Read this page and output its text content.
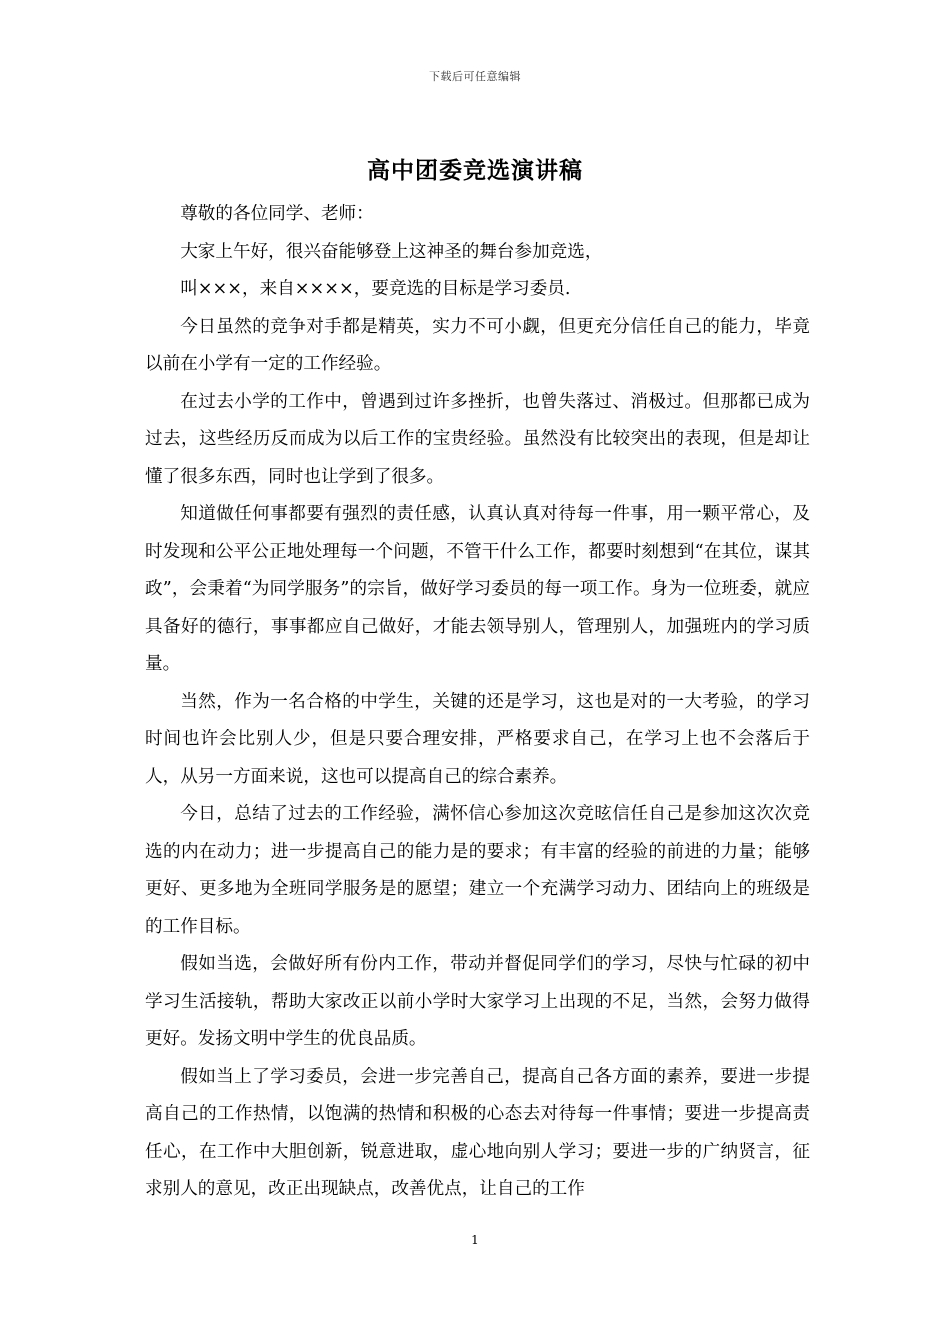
下载后可任意编辑
高中团委竞选演讲稿

尊敬的各位同学、老师：

大家上午好，很兴奋能够登上这神圣的舞台参加竞选，

叫×××，来自××××，要竞选的目标是学习委员.

今日虽然的竞争对手都是精英，实力不可小觑，但更充分信任自己的能力，毕竟以前在小学有一定的工作经验。

在过去小学的工作中，曾遇到过许多挫折，也曾失落过、消极过。但那都已成为过去，这些经历反而成为以后工作的宝贵经验。虽然没有比较突出的表现，但是却让懂了很多东西，同时也让学到了很多。

知道做任何事都要有强烈的责任感，认真认真对待每一件事，用一颗平常心，及时发现和公平公正地处理每一个问题，不管干什么工作，都要时刻想到“在其位，谋其政”，会秉着“为同学服务”的宗旨，做好学习委员的每一项工作。身为一位班委，就应具备好的德行，事事都应自己做好，才能去领导别人，管理别人，加强班内的学习质量。

当然，作为一名合格的中学生，关键的还是学习，这也是对的一大考验，的学习时间也许会比别人少，但是只要合理安排，严格要求自己，在学习上也不会落后于人，从另一方面来说，这也可以提高自己的综合素养。

今日，总结了过去的工作经验，满怀信心参加这次竞昡信任自己是参加这次次竞选的内在动力；进一步提高自己的能力是的要求；有丰富的经验的前进的力量；能够更好、更多地为全班同学服务是的愿望；建立一个充满学习动力、团结向上的班级是的工作目标。

假如当选，会做好所有份内工作，带动并督促同学们的学习，尽快与忙碌的初中学习生活接轨，帮助大家改正以前小学时大家学习上出现的不足，当然，会努力做得更好。发扬文明中学生的优良品质。

假如当上了学习委员，会进一步完善自己，提高自己各方面的素养，要进一步提高自己的工作热情，以饱满的热情和积极的心态去对待每一件事情；要进一步提高责任心，在工作中大胆创新，锐意进取，虚心地向别人学习；要进一步的广纳贤言，征求别人的意见，改正出现缺点，改善优点，让自己的工作

1
